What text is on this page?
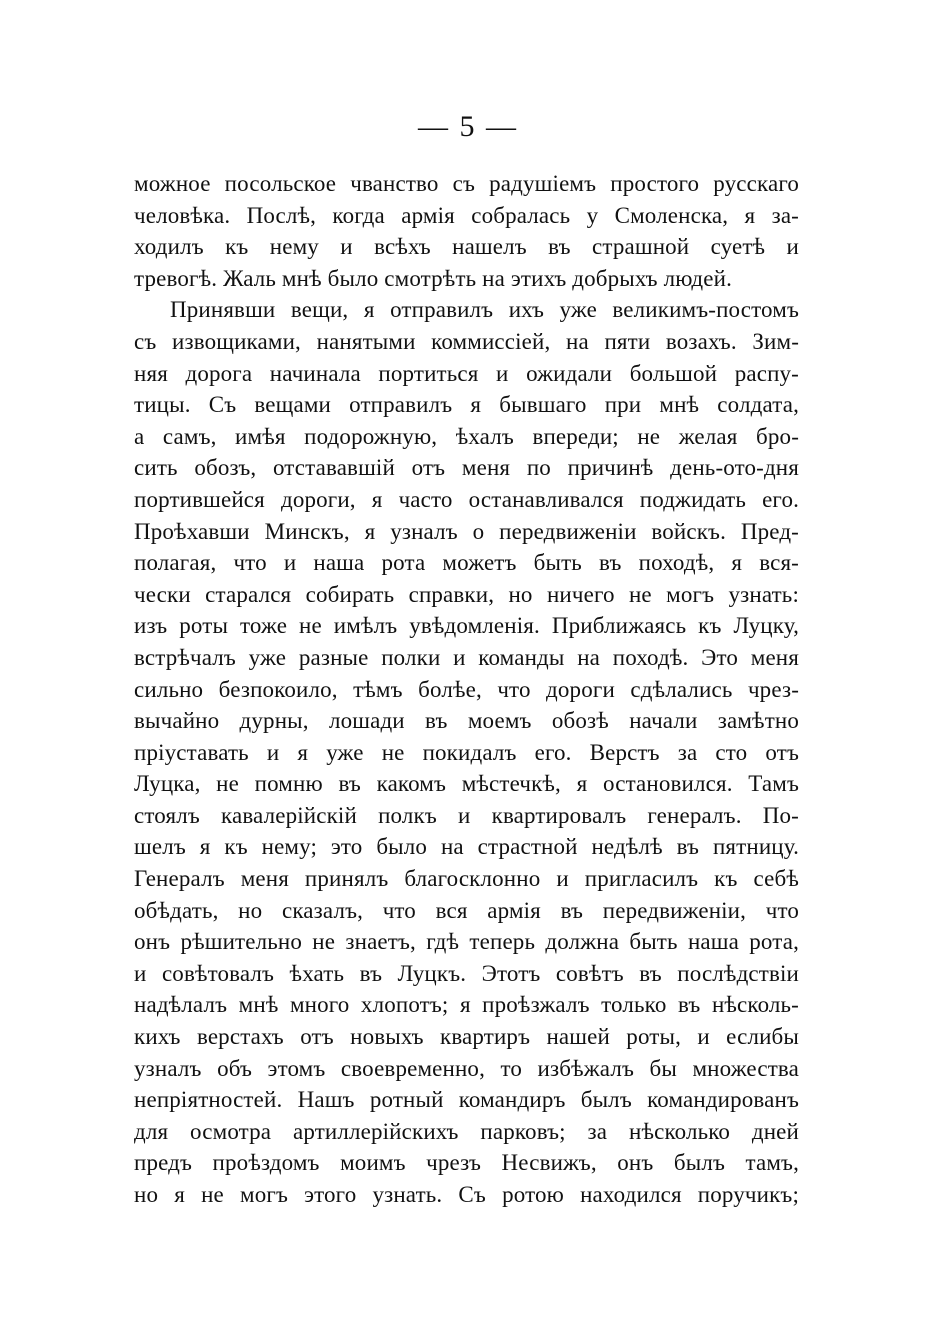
— 5 —
можное посольское чванство съ радушіемъ простого русскаго
человѣка. Послѣ, когда армія собралась у Смоленска, я за-
ходилъ къ нему и всѣхъ нашелъ въ страшной суетѣ и
тревогѣ. Жаль мнѣ было смотрѣть на этихъ добрыхъ людей.
Принявши вещи, я отправилъ ихъ уже великимъ-постомъ
съ извощиками, нанятыми коммиссіей, на пяти возахъ. Зим-
няя дорога начинала портиться и ожидали большой распу-
тицы. Съ вещами отправилъ я бывшаго при мнѣ солдата,
а самъ, имѣя подорожную, ѣхалъ впереди; не желая бро-
сить обозъ, отстававшій отъ меня по причинѣ день-ото-дня
портившейся дороги, я часто останавливался поджидать его.
Проѣхавши Минскъ, я узналъ о передвиженіи войскъ. Пред-
полагая, что и наша рота можетъ быть въ походѣ, я вся-
чески старался собирать справки, но ничего не могъ узнать:
изъ роты тоже не имѣлъ увѣдомленія. Приближаясь къ Луцку,
встрѣчалъ уже разные полки и команды на походѣ. Это меня
сильно безпокоило, тѣмъ болѣе, что дороги сдѣлались чрез-
вычайно дурны, лошади въ моемъ обозѣ начали замѣтно
пріуставать и я уже не покидалъ его. Верстъ за сто отъ
Луцка, не помню въ какомъ мѣстечкѣ, я остановился. Тамъ
стоялъ кавалерійскій полкъ и квартировалъ генералъ. По-
шелъ я къ нему; это было на страстной недѣлѣ въ пятницу.
Генералъ меня принялъ благосклонно и пригласилъ къ себѣ
обѣдать, но сказалъ, что вся армія въ передвиженіи, что
онъ рѣшительно не знаетъ, гдѣ теперь должна быть наша рота,
и совѣтовалъ ѣхать въ Луцкъ. Этотъ совѣтъ въ послѣдствіи
надѣлалъ мнѣ много хлопотъ; я проѣзжалъ только въ нѣсколь-
кихъ верстахъ отъ новыхъ квартиръ нашей роты, и еслибы
узналъ объ этомъ своевременно, то избѣжалъ бы множества
непріятностей. Нашъ ротный командиръ былъ командированъ
для осмотра артиллерійскихъ парковъ; за нѣсколько дней
предъ проѣздомъ моимъ чрезъ Несвижъ, онъ былъ тамъ,
но я не могъ этого узнать. Съ ротою находился поручикъ;
